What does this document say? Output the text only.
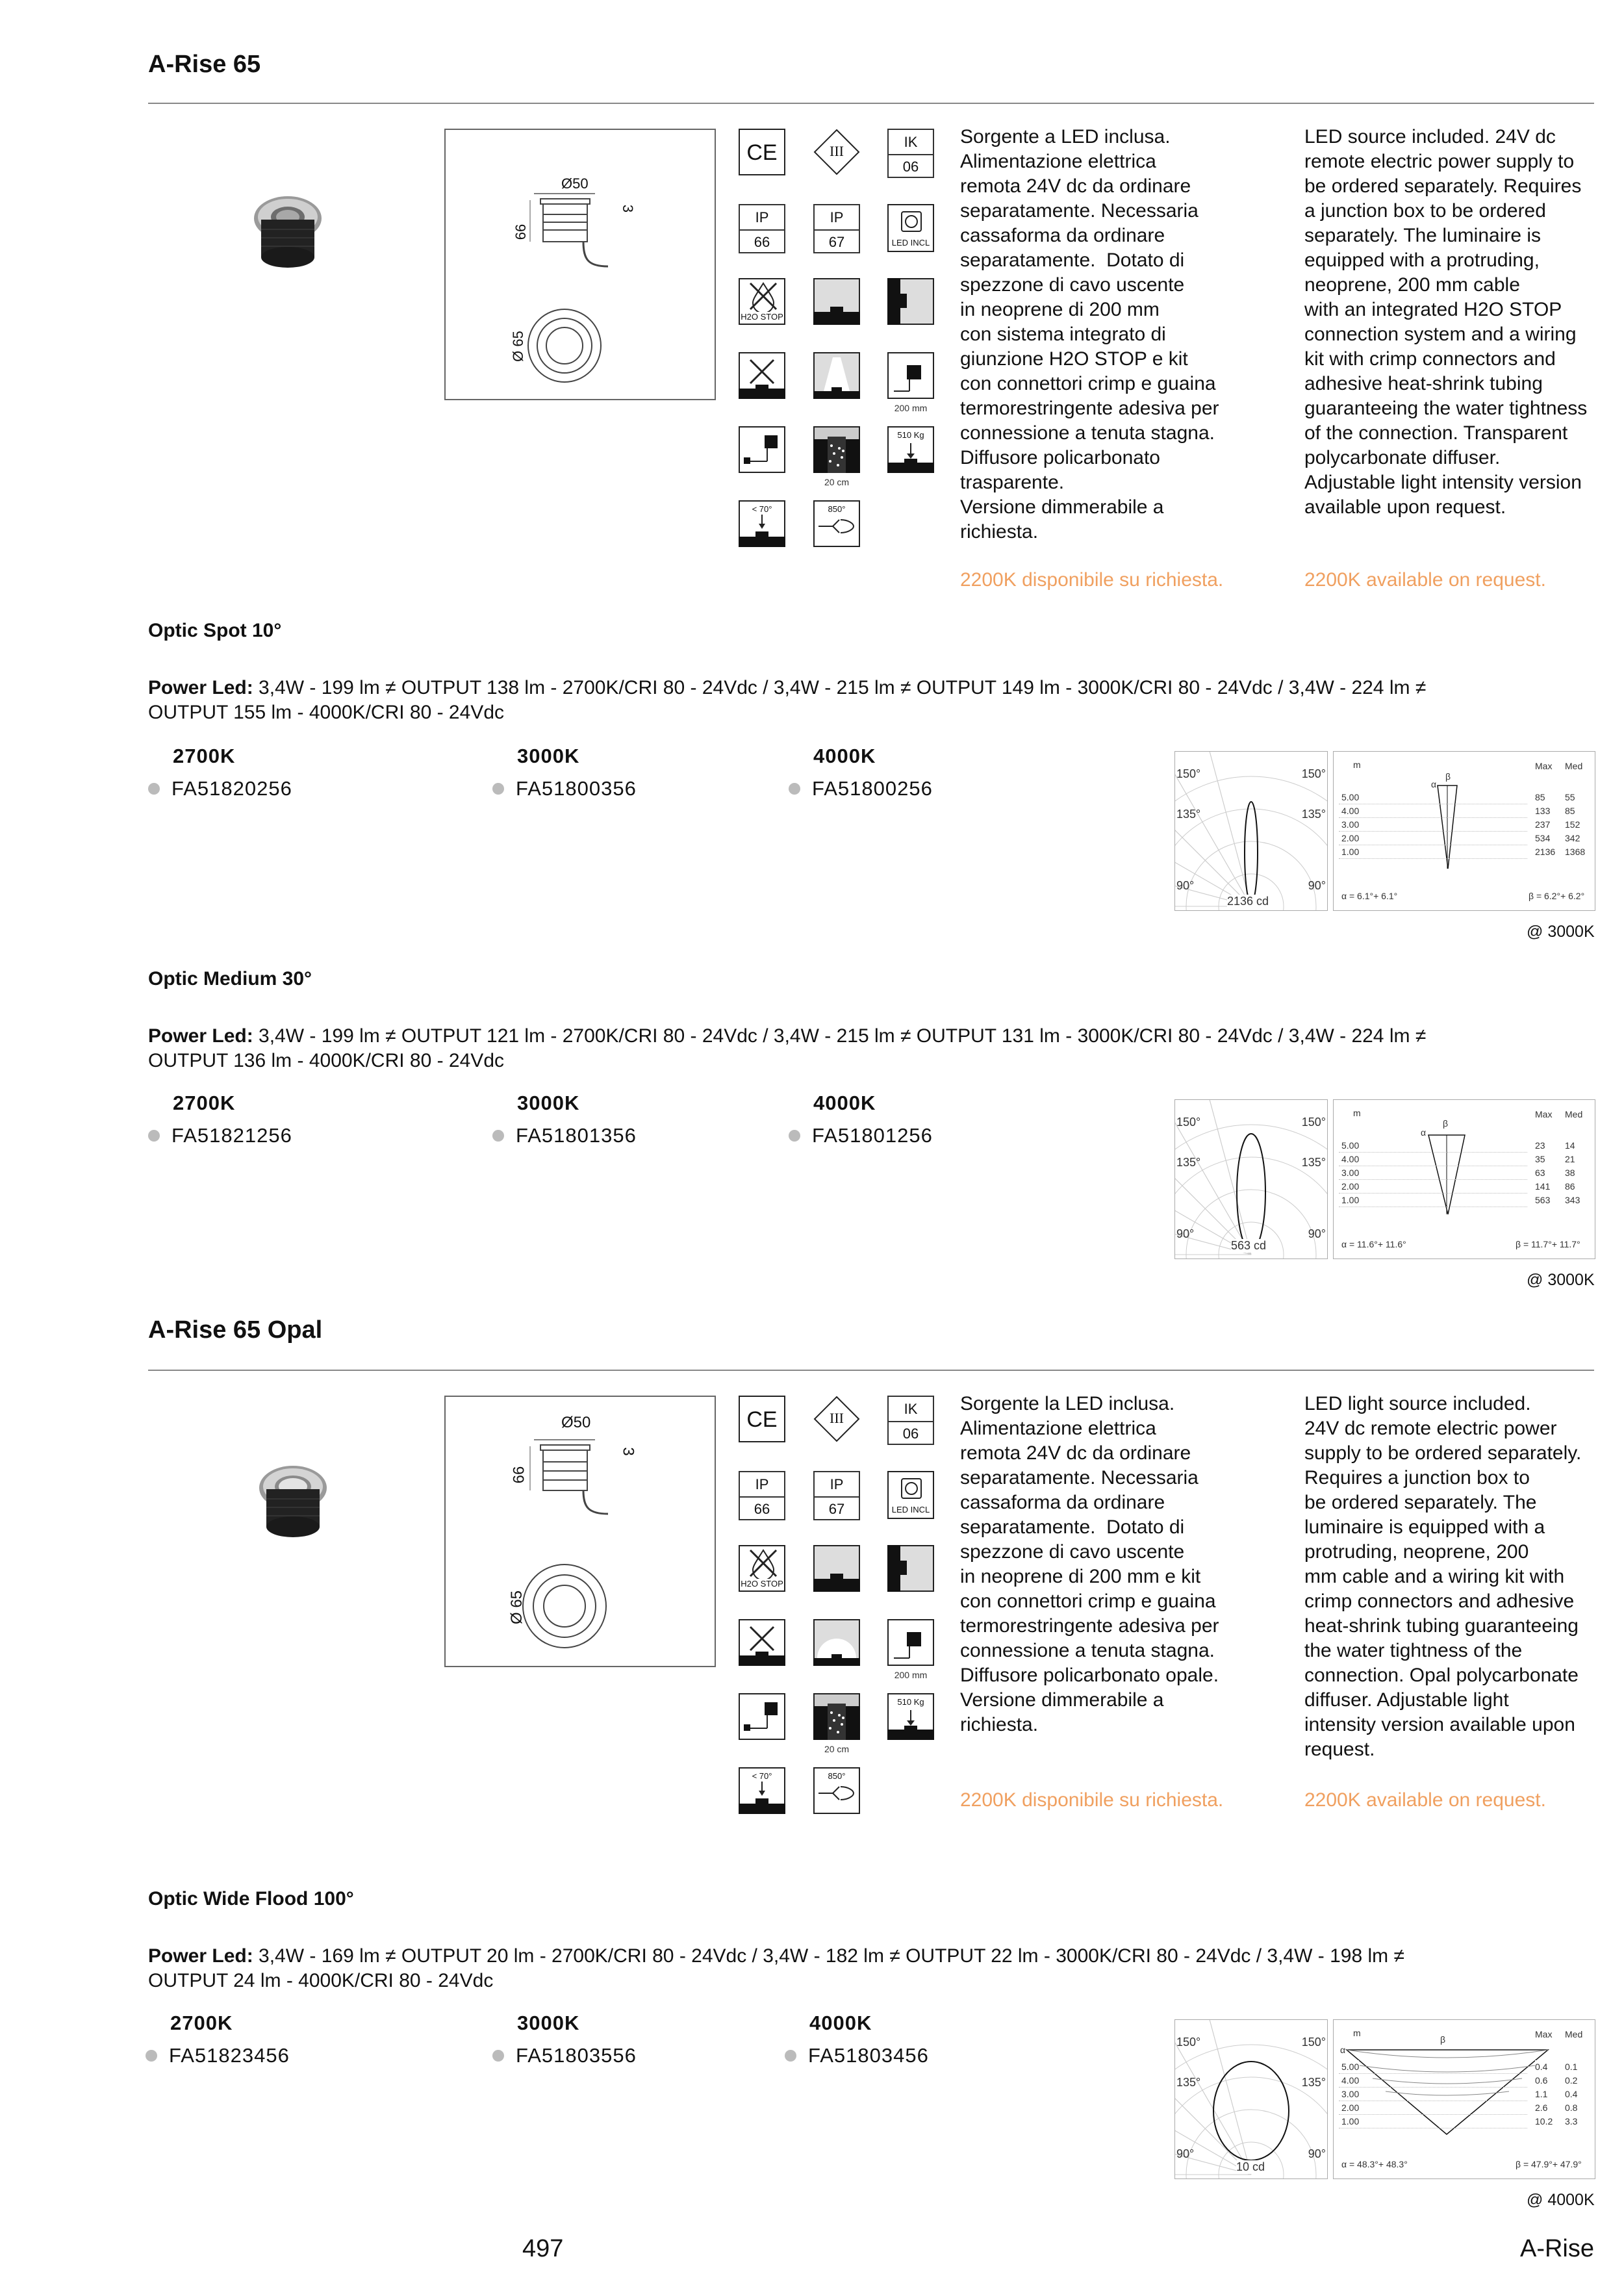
A-Rise 65
Ø50
66
3
Ø 65
CE	III
IK
06
IP
66
IP
67	LED INCL
H2O STOP
200 mm
20 cm
510 Kg
< 70°	850°
Sorgente a LED inclusa.
Alimentazione elettrica
remota 24V dc da ordinare
separatamente. Necessaria
cassaforma da ordinare
separatamente.  Dotato di
spezzone di cavo uscente
in neoprene di 200 mm
con sistema integrato di
giunzione H2O STOP e kit
con connettori crimp e guaina
termorestringente adesiva per
connessione a tenuta stagna.
Diffusore policarbonato
trasparente.
Versione dimmerabile a
richiesta.
LED source included. 24V dc
remote electric power supply to
be ordered separately. Requires
a junction box to be ordered
separately. The luminaire is
equipped with a protruding,
neoprene, 200 mm cable
with an integrated H2O STOP
connection system and a wiring
kit with crimp connectors and
adhesive heat-shrink tubing
guaranteeing the water tightness
of the connection. Transparent
polycarbonate diffuser.
Adjustable light intensity version
available upon request.
2200K disponibile su richiesta.	2200K available on request.
Optic Spot 10°
Power Led: 3,4W - 199 lm ≠ OUTPUT 138 lm - 2700K/CRI 80 - 24Vdc / 3,4W - 215 lm ≠ OUTPUT 149 lm - 3000K/CRI 80 - 24Vdc / 3,4W - 224 lm ≠
OUTPUT 155 lm - 4000K/CRI 80 - 24Vdc
2700K	3000K	4000K
FA51820256	FA51800356	FA51800256
150°	150°
135°	135°
90°	90°
2136 cd
m	Max Med
α
β
5.00	85 55
4.00	133 85
3.00	237 152
2.00	534 342
1.00	2136 1368
α = 6.1°+ 6.1°	β = 6.2°+ 6.2°
@ 3000K
Optic Medium 30°
Power Led: 3,4W - 199 lm ≠ OUTPUT 121 lm - 2700K/CRI 80 - 24Vdc / 3,4W - 215 lm ≠ OUTPUT 131 lm - 3000K/CRI 80 - 24Vdc / 3,4W - 224 lm ≠
OUTPUT 136 lm - 4000K/CRI 80 - 24Vdc
2700K	3000K	4000K
FA51821256	FA51801356	FA51801256
150°	150°
135°	135°
90°	90°
563 cd
m	Max Med
α
β
5.00	23 14
4.00	35 21
3.00	63 38
2.00	141 86
1.00	563 343
α = 11.6°+ 11.6°	β = 11.7°+ 11.7°
@ 3000K
A-Rise 65 Opal
Ø50
66
3
Ø 65
CE	III
IK
06
IP
66
IP
67	LED INCL
H2O STOP
200 mm
20 cm
510 Kg
< 70°	850°
Sorgente la LED inclusa.
Alimentazione elettrica
remota 24V dc da ordinare
separatamente. Necessaria
cassaforma da ordinare
separatamente.  Dotato di
spezzone di cavo uscente
in neoprene di 200 mm e kit
con connettori crimp e guaina
termorestringente adesiva per
connessione a tenuta stagna.
Diffusore policarbonato opale.
Versione dimmerabile a
richiesta.
LED light source included.
24V dc remote electric power
supply to be ordered separately.
Requires a junction box to
be ordered separately. The
luminaire is equipped with a
protruding, neoprene, 200
mm cable and a wiring kit with
crimp connectors and adhesive
heat-shrink tubing guaranteeing
the water tightness of the
connection. Opal polycarbonate
diffuser. Adjustable light
intensity version available upon
request.
2200K disponibile su richiesta.	2200K available on request.
Optic Wide Flood 100°
Power Led: 3,4W - 169 lm ≠ OUTPUT 20 lm - 2700K/CRI 80 - 24Vdc / 3,4W - 182 lm ≠ OUTPUT 22 lm - 3000K/CRI 80 - 24Vdc / 3,4W - 198 lm ≠
OUTPUT 24 lm - 4000K/CRI 80 - 24Vdc
2700K	3000K	4000K
FA51823456	FA51803556	FA51803456
150°	150°
135°	135°
90°	90°
10 cd
m	Max Med
α
β
5.00	0.4 0.1
4.00	0.6 0.2
3.00	1.1 0.4
2.00	2.6 0.8
1.00	10.2 3.3
α = 48.3°+ 48.3°	β = 47.9°+ 47.9°
@ 4000K
497	A-Rise
